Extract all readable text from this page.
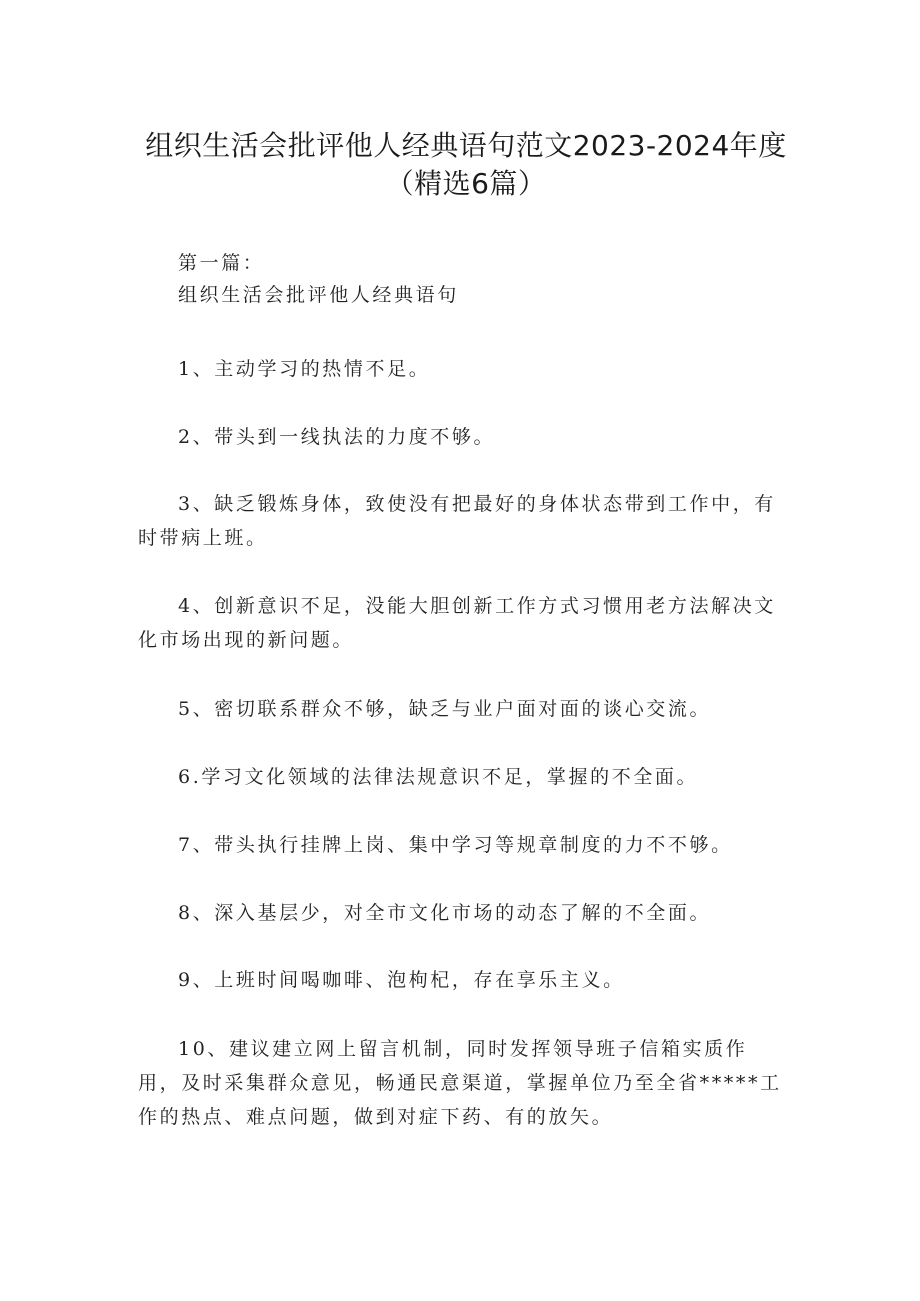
组织生活会批评他人经典语句范文2023-2024年度（精选6篇）
第一篇：
组织生活会批评他人经典语句

1、主动学习的热情不足。

2、带头到一线执法的力度不够。

3、缺乏锻炼身体，致使没有把最好的身体状态带到工作中，有时带病上班。

4、创新意识不足，没能大胆创新工作方式习惯用老方法解决文化市场出现的新问题。

5、密切联系群众不够，缺乏与业户面对面的谈心交流。

6.学习文化领域的法律法规意识不足，掌握的不全面。

7、带头执行挂牌上岗、集中学习等规章制度的力不不够。

8、深入基层少，对全市文化市场的动态了解的不全面。

9、上班时间喝咖啡、泡枸杞，存在享乐主义。

10、建议建立网上留言机制，同时发挥领导班子信箱实质作用，及时采集群众意见，畅通民意渠道，掌握单位乃至全省*****工作的热点、难点问题，做到对症下药、有的放矢。
